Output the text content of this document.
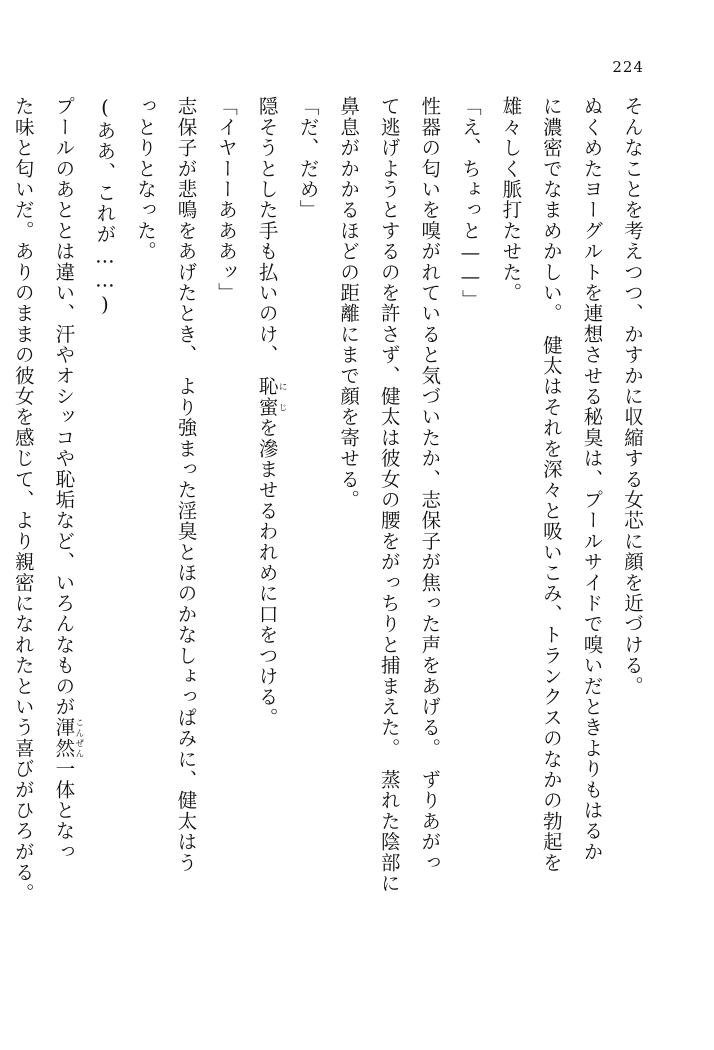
224

そんなことを考えつつ、かすかに収縮する女芯に顔を近づける。

ぬくめたヨーグルトを連想させる秘臭は、プールサイドで嗅いだときよりもはるか

に濃密でなまめかしい。　健太はそれを深々と吸いこみ、トランクスのなかの勃起を

雄々しく脈打たせた。

「え、ちょっと——」

性器の匂いを嗅がれていると気づいたか、志保子が焦った声をあげる。　ずりあがっ

て逃げようとするのを許さず、健太は彼女の腰をがっちりと捕まえた。　蒸れた陰部に

鼻息がかかるほどの距離にまで顔を寄せる。

「だ、だめ」

隠そうとした手も払いのけ、　恥蜜にじを滲ませるわれめに口をつける。

「イヤーーあああッ」

志保子が悲鳴をあげたとき、　より強まった淫臭とほのかなしょっぱみに、健太はう

っとりとなった。

(ああ、これが……)

プールのあととは違い、汗やオシッコや恥垢など、いろんなものが渾然こんぜん一体となっ

た味と匂いだ。ありのままの彼女を感じて、より親密になれたという喜びがひろがる。
